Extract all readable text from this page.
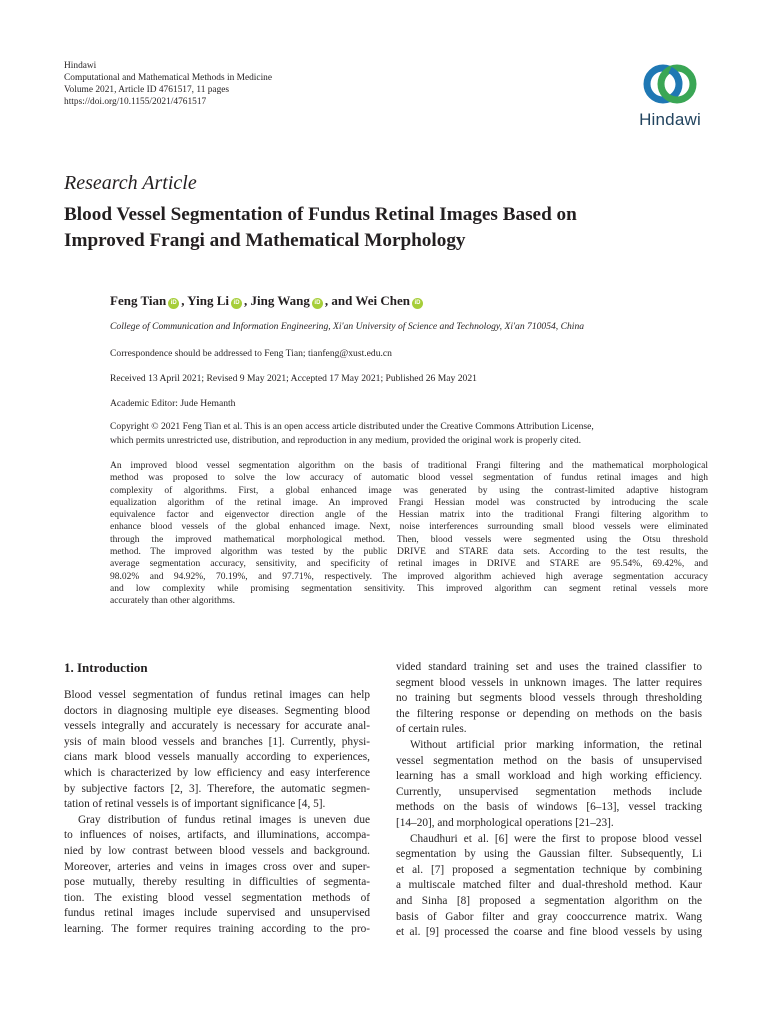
Hindawi
Computational and Mathematical Methods in Medicine
Volume 2021, Article ID 4761517, 11 pages
https://doi.org/10.1155/2021/4761517
Hindawi
Research Article
Blood Vessel Segmentation of Fundus Retinal Images Based on
Improved Frangi and Mathematical Morphology
Feng Tian iD , Ying Li iD , Jing Wang iD , and Wei Chen iD
College of Communication and Information Engineering, Xi'an University of Science and Technology, Xi'an 710054, China
Correspondence should be addressed to Feng Tian; tianfeng@xust.edu.cn
Received 13 April 2021; Revised 9 May 2021; Accepted 17 May 2021; Published 26 May 2021
Academic Editor: Jude Hemanth
Copyright © 2021 Feng Tian et al. This is an open access article distributed under the Creative Commons Attribution License,
which permits unrestricted use, distribution, and reproduction in any medium, provided the original work is properly cited.
An improved blood vessel segmentation algorithm on the basis of traditional Frangi filtering and the mathematical morphological
method was proposed to solve the low accuracy of automatic blood vessel segmentation of fundus retinal images and high
complexity of algorithms. First, a global enhanced image was generated by using the contrast-limited adaptive histogram
equalization algorithm of the retinal image. An improved Frangi Hessian model was constructed by introducing the scale
equivalence factor and eigenvector direction angle of the Hessian matrix into the traditional Frangi filtering algorithm to
enhance blood vessels of the global enhanced image. Next, noise interferences surrounding small blood vessels were eliminated
through the improved mathematical morphological method. Then, blood vessels were segmented using the Otsu threshold
method. The improved algorithm was tested by the public DRIVE and STARE data sets. According to the test results, the
average segmentation accuracy, sensitivity, and specificity of retinal images in DRIVE and STARE are 95.54%, 69.42%, and
98.02% and 94.92%, 70.19%, and 97.71%, respectively. The improved algorithm achieved high average segmentation accuracy
and low complexity while promising segmentation sensitivity. This improved algorithm can segment retinal vessels more
accurately than other algorithms.
1. Introduction
Blood vessel segmentation of fundus retinal images can help
doctors in diagnosing multiple eye diseases. Segmenting blood
vessels integrally and accurately is necessary for accurate anal-
ysis of main blood vessels and branches [1]. Currently, physi-
cians mark blood vessels manually according to experiences,
which is characterized by low efficiency and easy interference
by subjective factors [2, 3]. Therefore, the automatic segmen-
tation of retinal vessels is of important significance [4, 5].
Gray distribution of fundus retinal images is uneven due
to influences of noises, artifacts, and illuminations, accompa-
nied by low contrast between blood vessels and background.
Moreover, arteries and veins in images cross over and super-
pose mutually, thereby resulting in difficulties of segmenta-
tion. The existing blood vessel segmentation methods of
fundus retinal images include supervised and unsupervised
learning. The former requires training according to the pro-
vided standard training set and uses the trained classifier to
segment blood vessels in unknown images. The latter requires
no training but segments blood vessels through thresholding
the filtering response or depending on methods on the basis
of certain rules.
Without artificial prior marking information, the retinal
vessel segmentation method on the basis of unsupervised
learning has a small workload and high working efficiency.
Currently, unsupervised segmentation methods include
methods on the basis of windows [6–13], vessel tracking
[14–20], and morphological operations [21–23].
Chaudhuri et al. [6] were the first to propose blood vessel
segmentation by using the Gaussian filter. Subsequently, Li
et al. [7] proposed a segmentation technique by combining
a multiscale matched filter and dual-threshold method. Kaur
and Sinha [8] proposed a segmentation algorithm on the
basis of Gabor filter and gray cooccurrence matrix. Wang
et al. [9] processed the coarse and fine blood vessels by using
